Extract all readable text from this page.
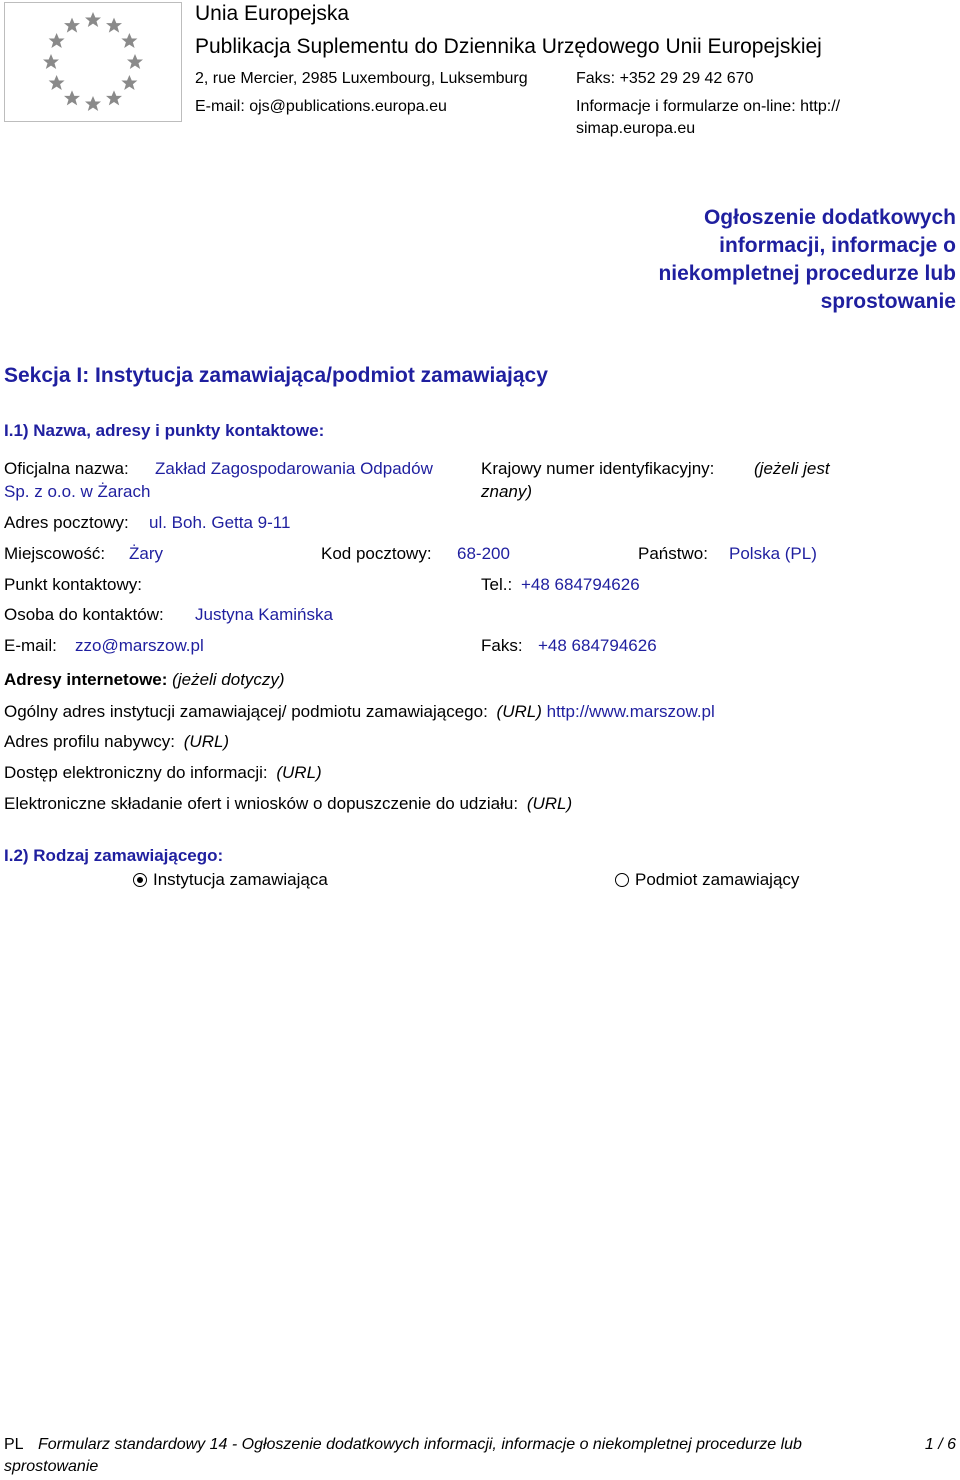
Unia Europejska
Publikacja Suplementu do Dziennika Urzędowego Unii Europejskiej
2, rue Mercier, 2985 Luxembourg, Luksemburg	Faks: +352 29 29 42 670
E-mail: ojs@publications.europa.eu	Informacje i formularze on-line: http://
simap.europa.eu
Ogłoszenie dodatkowych informacji, informacje o niekompletnej procedurze lub sprostowanie
Sekcja I: Instytucja zamawiająca/podmiot zamawiający
I.1) Nazwa, adresy i punkty kontaktowe:
Oficjalna nazwa: Zakład Zagospodarowania Odpadów
Sp. z o.o. w Żarach
Krajowy numer identyfikacyjny: (jeżeli jest
znany)
Adres pocztowy: ul. Boh. Getta 9-11
Miejscowość: Żary	Kod pocztowy: 68-200	Państwo: Polska (PL)
Punkt kontaktowy:	Tel.: +48 684794626
Osoba do kontaktów: Justyna Kamińska
E-mail: zzo@marszow.pl	Faks: +48 684794626
Adresy internetowe: (jeżeli dotyczy)
Ogólny adres instytucji zamawiającej/ podmiotu zamawiającego: (URL) http://www.marszow.pl
Adres profilu nabywcy: (URL)
Dostęp elektroniczny do informacji: (URL)
Elektroniczne składanie ofert i wniosków o dopuszczenie do udziału: (URL)
I.2) Rodzaj zamawiającego:
Instytucja zamawiająca	Podmiot zamawiający
PL Formularz standardowy 14 - Ogłoszenie dodatkowych informacji, informacje o niekompletnej procedurze lub
sprostowanie
1 / 6
